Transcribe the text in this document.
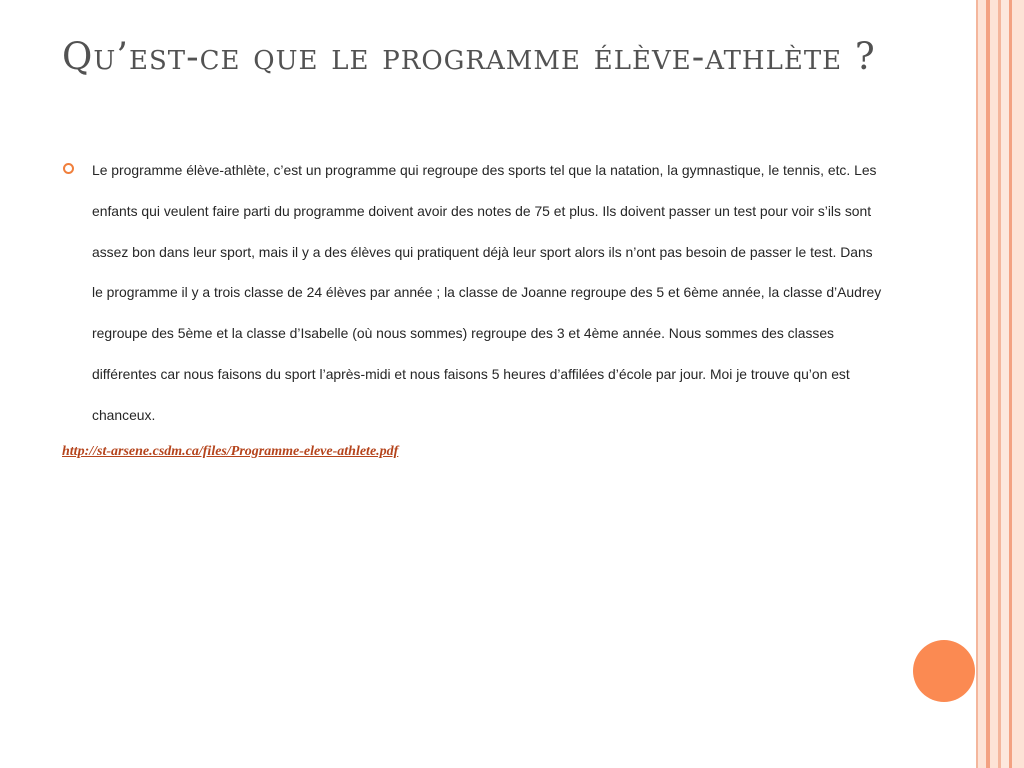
Qu’est-ce que le programme élève-athlète ?

Le programme élève-athlète, c’est un programme qui regroupe des sports tel que la natation, la gymnastique, le tennis, etc. Les enfants qui veulent faire parti du programme doivent avoir des notes de 75 et plus. Ils doivent passer un test pour voir s’ils sont assez bon dans leur sport, mais il y a des élèves qui pratiquent déjà leur sport alors ils n’ont pas besoin de passer le test. Dans le programme il y a trois classe de 24 élèves par année ; la classe de Joanne regroupe des 5 et 6ème année, la classe d’Audrey regroupe des 5ème et la classe d’Isabelle (où nous sommes) regroupe des 3 et 4ème année. Nous sommes des classes différentes car nous faisons du sport l’après-midi et nous faisons 5 heures d’affilées d’école par jour. Moi je trouve qu’on est chanceux.

http://st-arsene.csdm.ca/files/Programme-eleve-athlete.pdf
